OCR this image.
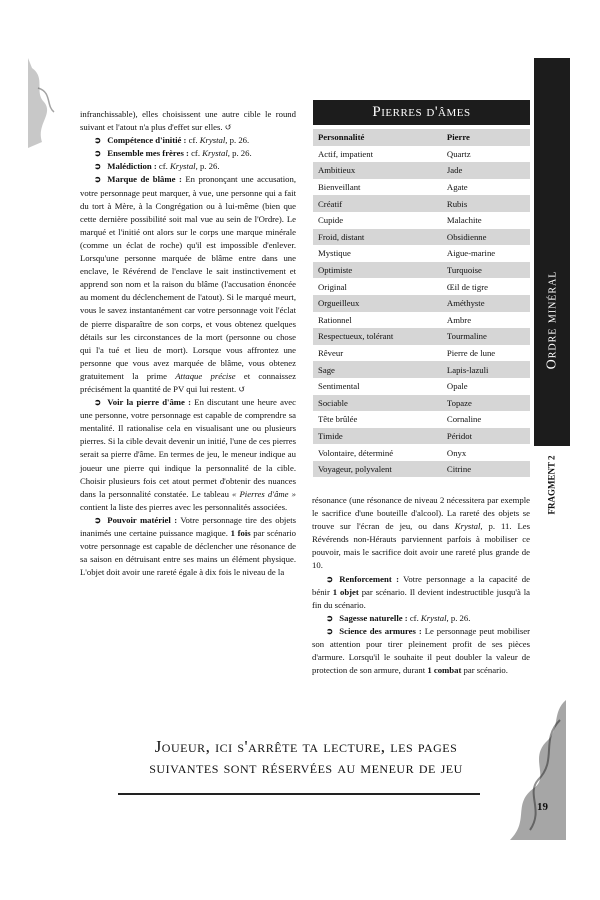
Ordre minéral
FRAGMENT 2

infranchissable), elles choisissent une autre cible le round suivant et l'atout n'a plus d'effet sur elles. ↺

➲ Compétence d'initié : cf. Krystal, p. 26.

➲ Ensemble mes frères : cf. Krystal, p. 26.

➲ Malédiction : cf. Krystal, p. 26.

➲ Marque de blâme : En prononçant une accusation, votre personnage peut marquer, à vue, une personne qui a fait du tort à Mère, à la Congrégation ou à lui-même (bien que cette dernière possibilité soit mal vue au sein de l'Ordre). Le marqué et l'initié ont alors sur le corps une marque minérale (comme un éclat de roche) qu'il est impossible d'enlever. Lorsqu'une personne marquée de blâme entre dans une enclave, le Révérend de l'enclave le sait instinctivement et apprend son nom et la raison du blâme (l'accusation énoncée au moment du déclenchement de l'atout). Si le marqué meurt, vous le savez instantanément car votre personnage voit l'éclat de pierre disparaître de son corps, et vous obtenez quelques détails sur les circonstances de la mort (personne ou chose qui l'a tué et lieu de mort). Lorsque vous affrontez une personne que vous avez marquée de blâme, vous obtenez gratuitement la prime Attaque précise et connaissez précisément la quantité de PV qui lui restent. ↺

➲ Voir la pierre d'âme : En discutant une heure avec une personne, votre personnage est capable de comprendre sa mentalité. Il rationalise cela en visualisant une ou plusieurs pierres. Si la cible devait devenir un initié, l'une de ces pierres serait sa pierre d'âme. En termes de jeu, le meneur indique au joueur une pierre qui indique la personnalité de la cible. Choisir plusieurs fois cet atout permet d'obtenir des nuances dans la personnalité constatée. Le tableau « Pierres d'âme » contient la liste des pierres avec les personnalités associées.

➲ Pouvoir matériel : Votre personnage tire des objets inanimés une certaine puissance magique. 1 fois par scénario votre personnage est capable de déclencher une résonance de sa saison en détruisant entre ses mains un élément physique. L'objet doit avoir une rareté égale à dix fois le niveau de la

Pierres d'âmes
Personnalité	Pierre
Actif, impatient	Quartz
Ambitieux	Jade
Bienveillant	Agate
Créatif	Rubis
Cupide	Malachite
Froid, distant	Obsidienne
Mystique	Aigue-marine
Optimiste	Turquoise
Original	Œil de tigre
Orgueilleux	Améthyste
Rationnel	Ambre
Respectueux, tolérant	Tourmaline
Rêveur	Pierre de lune
Sage	Lapis-lazuli
Sentimental	Opale
Sociable	Topaze
Tête brûlée	Cornaline
Timide	Péridot
Volontaire, déterminé	Onyx
Voyageur, polyvalent	Citrine

résonance (une résonance de niveau 2 nécessitera par exemple le sacrifice d'une bouteille d'alcool). La rareté des objets se trouve sur l'écran de jeu, ou dans Krystal, p. 11. Les Révérends non-Hérauts parviennent parfois à mobiliser ce pouvoir, mais le sacrifice doit avoir une rareté plus grande de 10.

➲ Renforcement : Votre personnage a la capacité de bénir 1 objet par scénario. Il devient indestructible jusqu'à la fin du scénario.

➲ Sagesse naturelle : cf. Krystal, p. 26.

➲ Science des armures : Le personnage peut mobiliser son attention pour tirer pleinement profit de ses pièces d'armure. Lorsqu'il le souhaite il peut doubler la valeur de protection de son armure, durant 1 combat par scénario.

Joueur, ici s'arrête ta lecture, les pages
suivantes sont réservées au meneur de jeu
19
